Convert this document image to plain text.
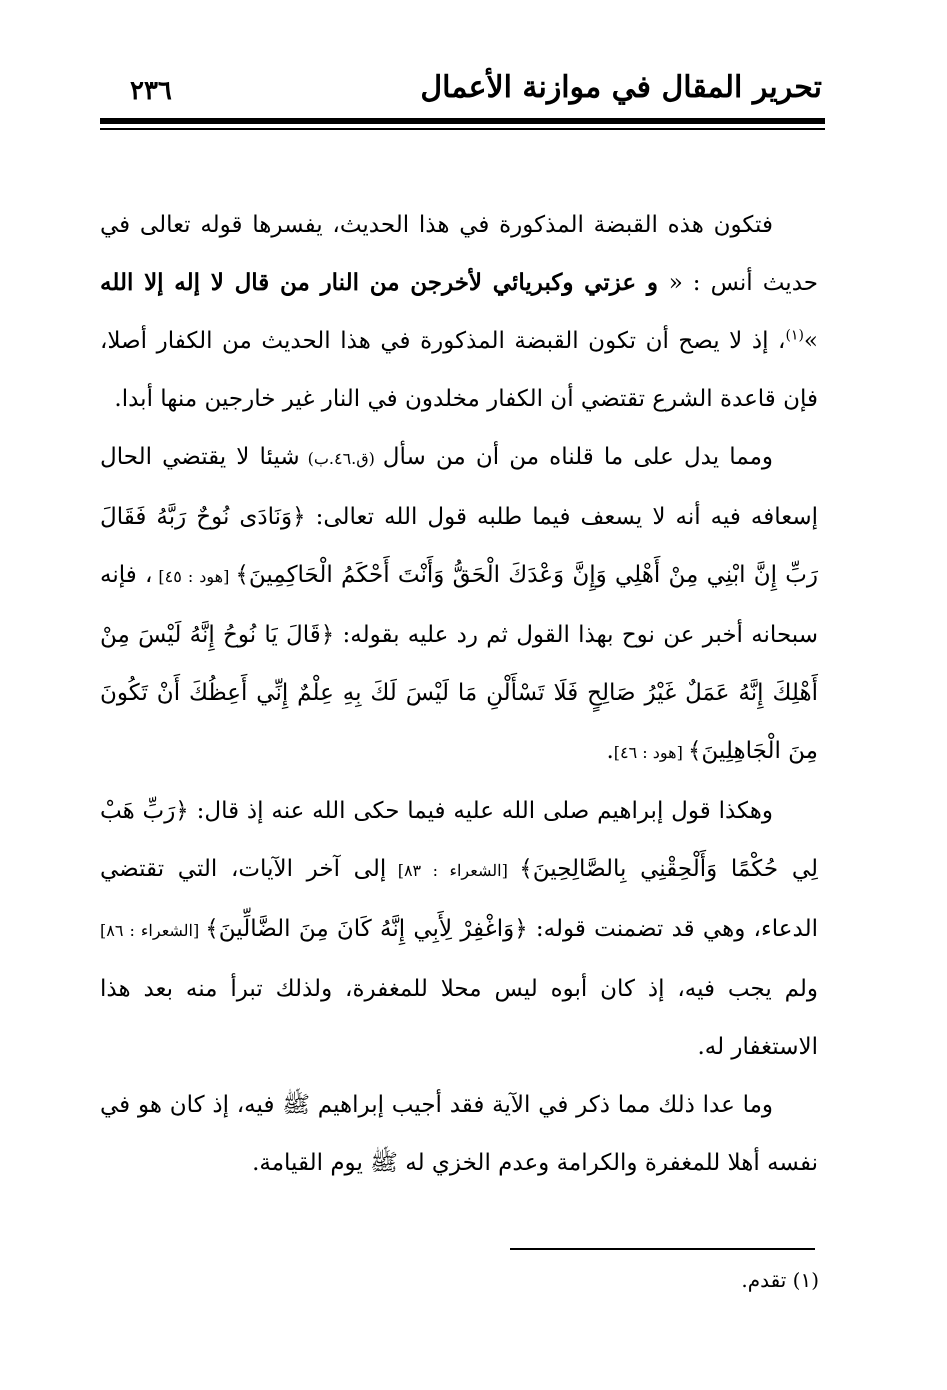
تحرير المقال في موازنة الأعمال
٢٣٦

فتكون هذه القبضة المذكورة في هذا الحديث، يفسرها قوله تعالى في حديث أنس : « و عزتي وكبريائي لأخرجن من النار من قال لا إله إلا الله »$^{(١)}$، إذ لا يصح أن تكون القبضة المذكورة في هذا الحديث من الكفار أصلا، فإن قاعدة الشرع تقتضي أن الكفار مخلدون في النار غير خارجين منها أبدا.

ومما يدل على ما قلناه من أن من سأل (ق.٤٦.ب) شيئا لا يقتضي الحال إسعافه فيه أنه لا يسعف فيما طلبه قول الله تعالى: ﴿وَنَادَى نُوحٌ رَبَّهُ فَقَالَ رَبِّ إِنَّ ابْنِي مِنْ أَهْلِي وَإِنَّ وَعْدَكَ الْحَقُّ وَأَنْتَ أَحْكَمُ الْحَاكِمِينَ﴾ [هود : ٤٥] ، فإنه سبحانه أخبر عن نوح بهذا القول ثم رد عليه بقوله: ﴿قَالَ يَا نُوحُ إِنَّهُ لَيْسَ مِنْ أَهْلِكَ إِنَّهُ عَمَلٌ غَيْرُ صَالِحٍ فَلَا تَسْأَلْنِ مَا لَيْسَ لَكَ بِهِ عِلْمٌ إِنِّي أَعِظُكَ أَنْ تَكُونَ مِنَ الْجَاهِلِينَ﴾ [هود : ٤٦].

وهكذا قول إبراهيم صلى الله عليه فيما حكى الله عنه إذ قال: ﴿رَبِّ هَبْ لِي حُكْمًا وَأَلْحِقْنِي بِالصَّالِحِينَ﴾ [الشعراء : ٨٣] إلى آخر الآيات، التي تقتضي الدعاء، وهي قد تضمنت قوله: ﴿وَاغْفِرْ لِأَبِي إِنَّهُ كَانَ مِنَ الضَّالِّينَ﴾ [الشعراء : ٨٦] ولم يجب فيه، إذ كان أبوه ليس محلا للمغفرة، ولذلك تبرأ منه بعد هذا الاستغفار له.

وما عدا ذلك مما ذكر في الآية فقد أجيب إبراهيم ﷺ فيه، إذ كان هو في نفسه أهلا للمغفرة والكرامة وعدم الخزي له ﷺ يوم القيامة.

(١) تقدم.
